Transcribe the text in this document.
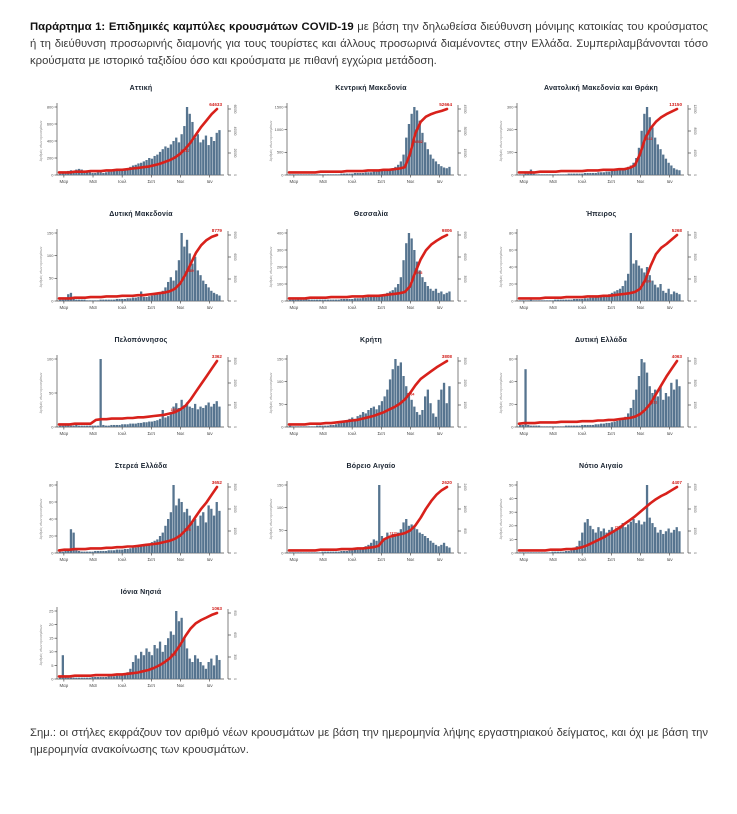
Παράρτημα 1: Επιδημικές καμπύλες κρουσμάτων COVID-19 με βάση την δηλωθείσα διεύθυνση μόνιμης κατοικίας του κρούσματος ή τη διεύθυνση προσωρινής διαμονής για τους τουρίστες και άλλους προσωρινά διαμένοντες στην Ελλάδα. Συμπεριλαμβάνονται τόσο κρούσματα με ιστορικό ταξιδίου όσο και κρούσματα με πιθανή εγχώρια μετάδοση.

Αττική
0
200
400
600
800
Μαρ	Μαϊ	Ιουλ	Σεπ	Νοε	Ιαν
0
20000
40000
60000
64633
32417
Αριθμός νέων κρουσμάτων
Κεντρική Μακεδονία
0
500
1000
1500
Μαρ	Μαϊ	Ιουλ	Σεπ	Νοε	Ιαν
0
15000
30000
45000
52664
26532
Αριθμός νέων κρουσμάτων
Ανατολική Μακεδονία και Θράκη
0
100
200
300
Μαρ	Μαϊ	Ιουλ	Σεπ	Νοε	Ιαν
0
4000
8000
12000
13150
6613
Αριθμός νέων κρουσμάτων
Δυτική Μακεδονία
0
50
100
150
Μαρ	Μαϊ	Ιουλ	Σεπ	Νοε	Ιαν
0
3000
6000
9000
8779
4389
Αριθμός νέων κρουσμάτων
Θεσσαλία
0
100
200
300
400
Μαρ	Μαϊ	Ιουλ	Σεπ	Νοε	Ιαν
0
3000
6000
9000
9806
4903
Αριθμός νέων κρουσμάτων
Ήπειρος
0
20
40
60
80
Μαρ	Μαϊ	Ιουλ	Σεπ	Νοε	Ιαν
0
1500
3000
4500
5268
2634
Αριθμός νέων κρουσμάτων
Πελοπόννησος
0
50
100
Μαρ	Μαϊ	Ιουλ	Σεπ	Νοε	Ιαν
0
1000
2000
3000
3362
1681
Αριθμός νέων κρουσμάτων
Κρήτη
0
50
100
150
Μαρ	Μαϊ	Ιουλ	Σεπ	Νοε	Ιαν
0
1000
2000
3000
3808
1904
Αριθμός νέων κρουσμάτων
Δυτική Ελλάδα
0
20
40
60
Μαρ	Μαϊ	Ιουλ	Σεπ	Νοε	Ιαν
0
1500
3000
4500
4063
2031
Αριθμός νέων κρουσμάτων
Στερεά Ελλάδα
0
20
40
60
80
Μαρ	Μαϊ	Ιουλ	Σεπ	Νοε	Ιαν
0
1000
2000
3000
3652
1826
Αριθμός νέων κρουσμάτων
Βόρειο Αιγαίο
0
50
100
150
Μαρ	Μαϊ	Ιουλ	Σεπ	Νοε	Ιαν
0
800
1600
2400
2620
1310
Αριθμός νέων κρουσμάτων
Νότιο Αιγαίο
0
10
20
30
40
50
Μαρ	Μαϊ	Ιουλ	Σεπ	Νοε	Ιαν
0
1500
3000
4500
4407
2203
Αριθμός νέων κρουσμάτων
Ιόνια Νησιά
0
5
10
15
20
25
Μαρ	Μαϊ	Ιουλ	Σεπ	Νοε	Ιαν
0
300
600
900
1063
531
Αριθμός νέων κρουσμάτων

Σημ.: οι στήλες εκφράζουν τον αριθμό νέων κρουσμάτων με βάση την ημερομηνία λήψης εργαστηριακού δείγματος, και όχι με βάση την ημερομηνία ανακοίνωσης των κρουσμάτων.
